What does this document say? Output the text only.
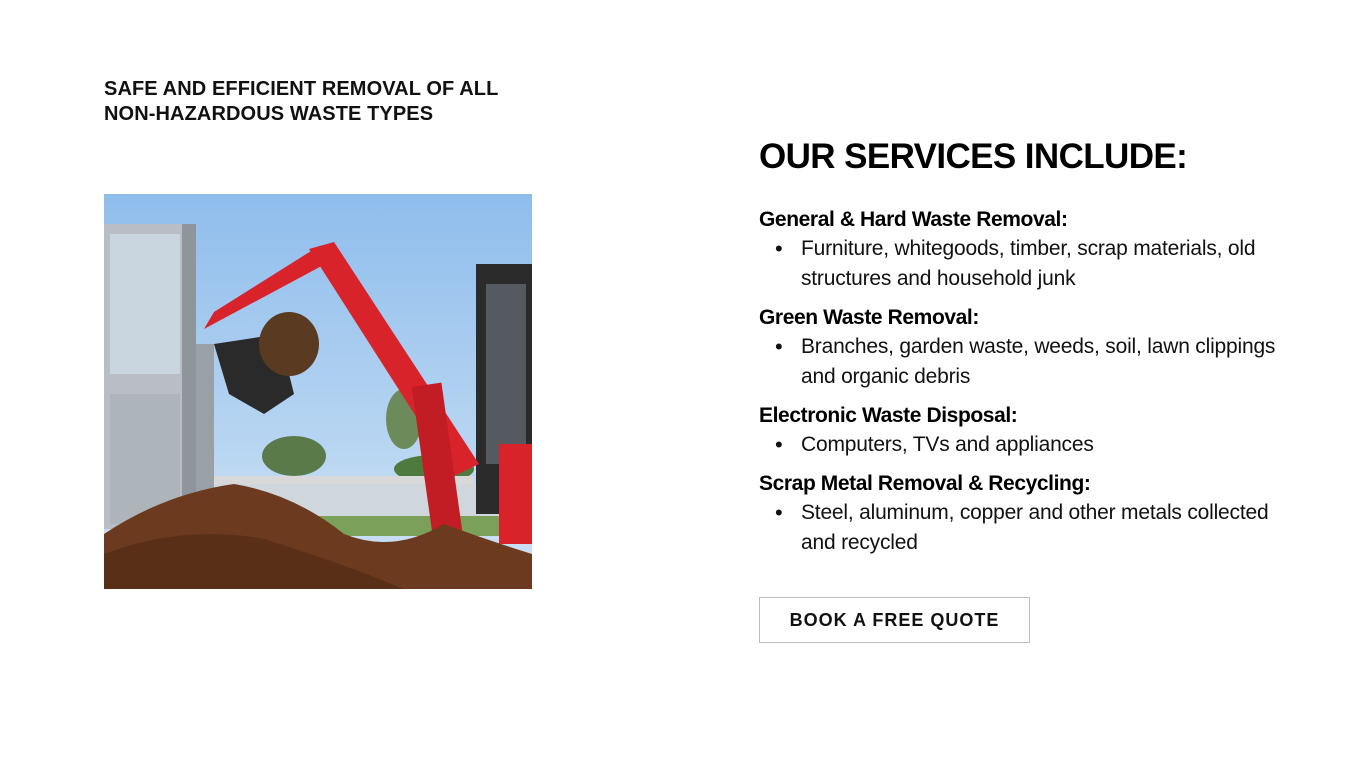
SAFE AND EFFICIENT REMOVAL OF ALL
NON-HAZARDOUS WASTE TYPES
OUR SERVICES INCLUDE:

General & Hard Waste Removal:

• Furniture, whitegoods, timber, scrap materials, old structures and household junk

Green Waste Removal:

• Branches, garden waste, weeds, soil, lawn clippings and organic debris

Electronic Waste Disposal:

• Computers, TVs and appliances

Scrap Metal Removal & Recycling:

• Steel, aluminum, copper and other metals collected and recycled
BOOK A FREE QUOTE
